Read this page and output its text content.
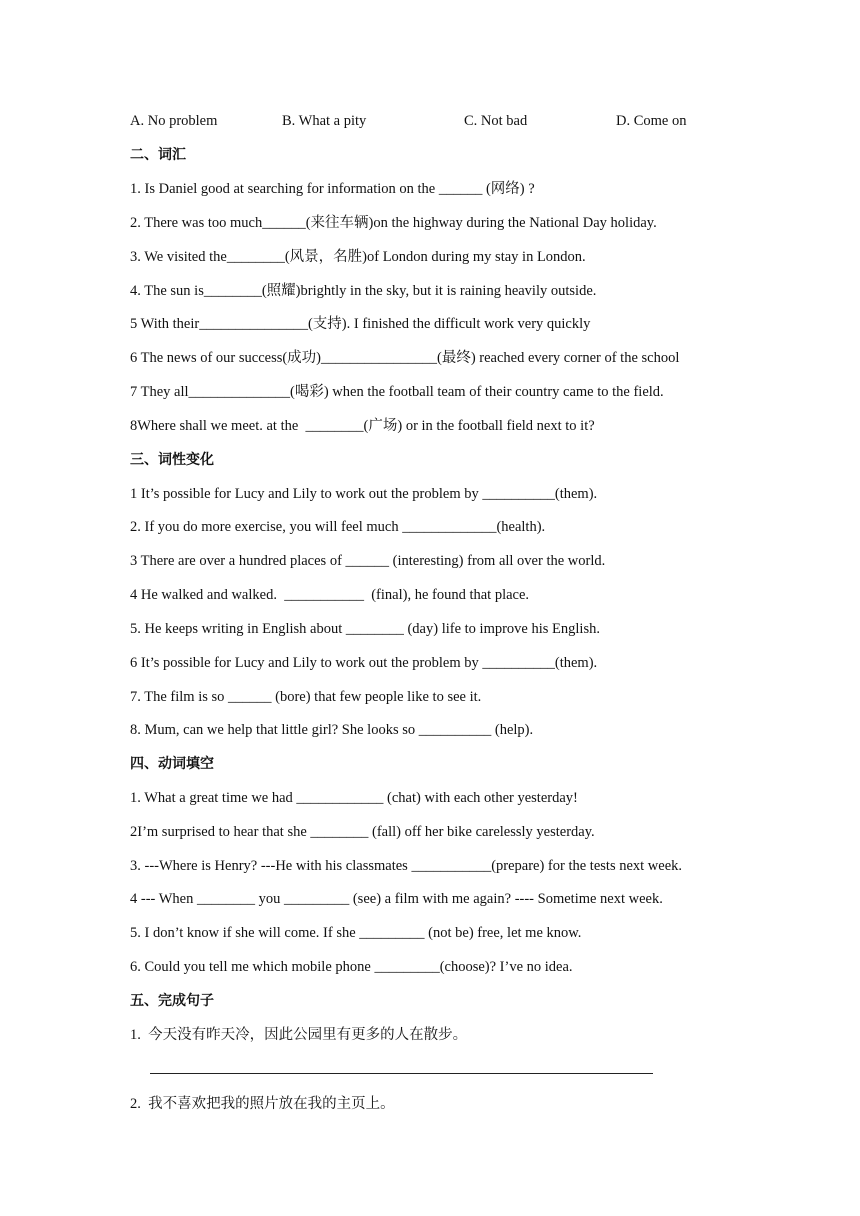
A. No problem	B. What a pity	C. Not bad	D. Come on
二、词汇
1. Is Daniel good at searching for information on the ______ (网络) ?
2. There was too much______(来往车辆)on the highway during the National Day holiday.
3. We visited the________(风景，名胜)of London during my stay in London.
4. The sun is________(照耀)brightly in the sky, but it is raining heavily outside.
5 With their_______________(支持). I finished the difficult work very quickly
6 The news of our success(成功)________________(最终) reached every corner of the school
7 They all______________(喝彩) when the football team of their country came to the field.
8Where shall we meet. at the  ________(广场) or in the football field next to it?
三、词性变化
1 It’s possible for Lucy and Lily to work out the problem by __________(them).
2. If you do more exercise, you will feel much _____________(health).
3 There are over a hundred places of ______ (interesting) from all over the world.
4 He walked and walked.  ___________  (final), he found that place.
5. He keeps writing in English about ________ (day) life to improve his English.
6 It’s possible for Lucy and Lily to work out the problem by __________(them).
7. The film is so ______ (bore) that few people like to see it.
8. Mum, can we help that little girl? She looks so __________ (help).
四、动词填空
1. What a great time we had ____________ (chat) with each other yesterday!
2I’m surprised to hear that she ________ (fall) off her bike carelessly yesterday.
3. ---Where is Henry? ---He with his classmates ___________(prepare) for the tests next week.
4 --- When ________ you _________ (see) a film with me again? ---- Sometime next week.
5. I don’t know if she will come. If she _________ (not be) free, let me know.
6. Could you tell me which mobile phone _________(choose)? I’ve no idea.
五、完成句子
1.  今天没有昨天冷，因此公园里有更多的人在散步。
2.  我不喜欢把我的照片放在我的主页上。
